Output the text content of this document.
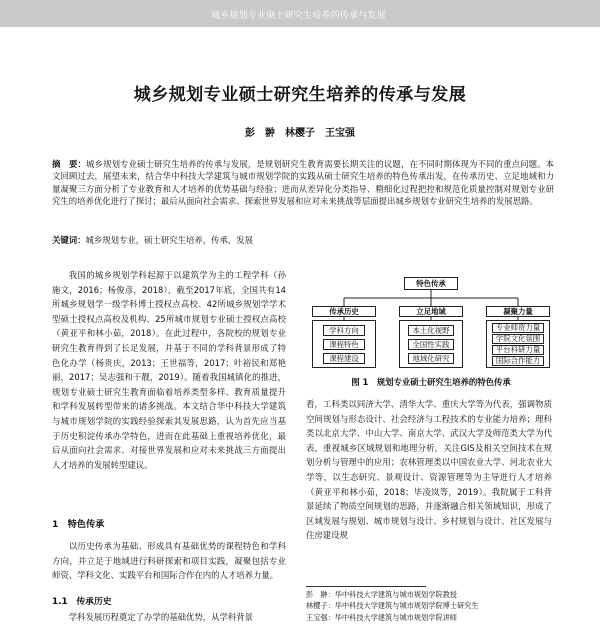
城乡规划专业硕士研究生培养的传承与发展
城乡规划专业硕士研究生培养的传承与发展
彭　翀　林樱子　王宝强
摘　要：城乡规划专业硕士研究生培养的传承与发展，是规划研究生教育需要长期关注的议题，在不同时期体现为不同的重点问题。本文回顾过去，展望未来，结合华中科技大学建筑与城市规划学院的实践从硕士研究生培养的特色传承出发，在传承历史、立足地域和力量凝聚三方面分析了专业教育和人才培养的优势基础与经验；进而从差异化分类指导、精细化过程把控和规范化质量控制对规划专业研究生的培养优化进行了探讨；最后从面向社会需求、探索世界发展和应对未来挑战等层面提出城乡规划专业研究生培养的发展思路。
关键词：城乡规划专业，硕士研究生培养，传承，发展

我国的城乡规划学科起源于以建筑学为主的工程学科（孙施文，2016；杨俊彦，2018），截至2017年底，全国共有14所城乡规划学一级学科博士授权点高校、42所城乡规划学学术型硕士授权点高校及机构、25所城市规划专业硕士授权点高校（黄亚平和林小茹，2018）。在此过程中，各院校的规划专业研究生教育得到了长足发展，并基于不同的学科背景形成了特色化办学（杨贵庆，2013；王世福等，2017；叶裕民和郑艳丽，2017；吴志强和干靓，2019）。随着我国城镇化的推进，规划专业硕士研究生教育面临着培养类型多样、教育质量提升和学科发展转型带来的诸多挑战。本文结合华中科技大学建筑与城市规划学院的实践经验探索其发展思路，认为首先应当基于历史积淀传承办学特色，进而在此基础上重视培养优化，最后从面向社会需求、对接世界发展和应对未来挑战三方面提出人才培养的发展转型建议。

1　特色传承

以历史传承为基础、形成具有基础优势的课程特色和学科方向，并立足于地域进行科研探索和项目实践，凝聚包括专业师资、学科文化、实践平台和国际合作在内的人才培养力量。

1.1　传承历史

学科发展历程奠定了办学的基础优势，从学科背景

特色传承
传承历史	立足地域	凝聚力量
学科方向
课程特色
课程建设
本土化视野
全国性实践
地域化研究
专业师资力量
学院文化氛围
平台科研力量
国际合作能力
图 1　规划专业硕士研究生培养的特色传承

看，工科类以同济大学、清华大学、重庆大学等为代表，强调物质空间规划与形态设计、社会经济与工程技术的专业能力培养；理科类以北京大学、中山大学、南京大学、武汉大学及师范类大学为代表，重视城乡区域规划和地理分析，关注GIS及相关空间技术在规划分析与管理中的应用；农林管理类以中国农业大学、河北农业大学等，以生态研究、景观设计、资源管理等为主导进行人才培养（黄亚平和林小茹，2018；毕凌岚等，2019）。我院属于工科背景延续了物质空间规划的思路，并逐渐融合相关领域知识，形成了区域发展与规划、城市规划与设计、乡村规划与设计、社区发展与住房建设规

彭　翀：华中科技大学建筑与城市规划学院教授
林樱子：华中科技大学建筑与城市规划学院博士研究生
王宝强：华中科技大学建筑与城市规划学院讲师
